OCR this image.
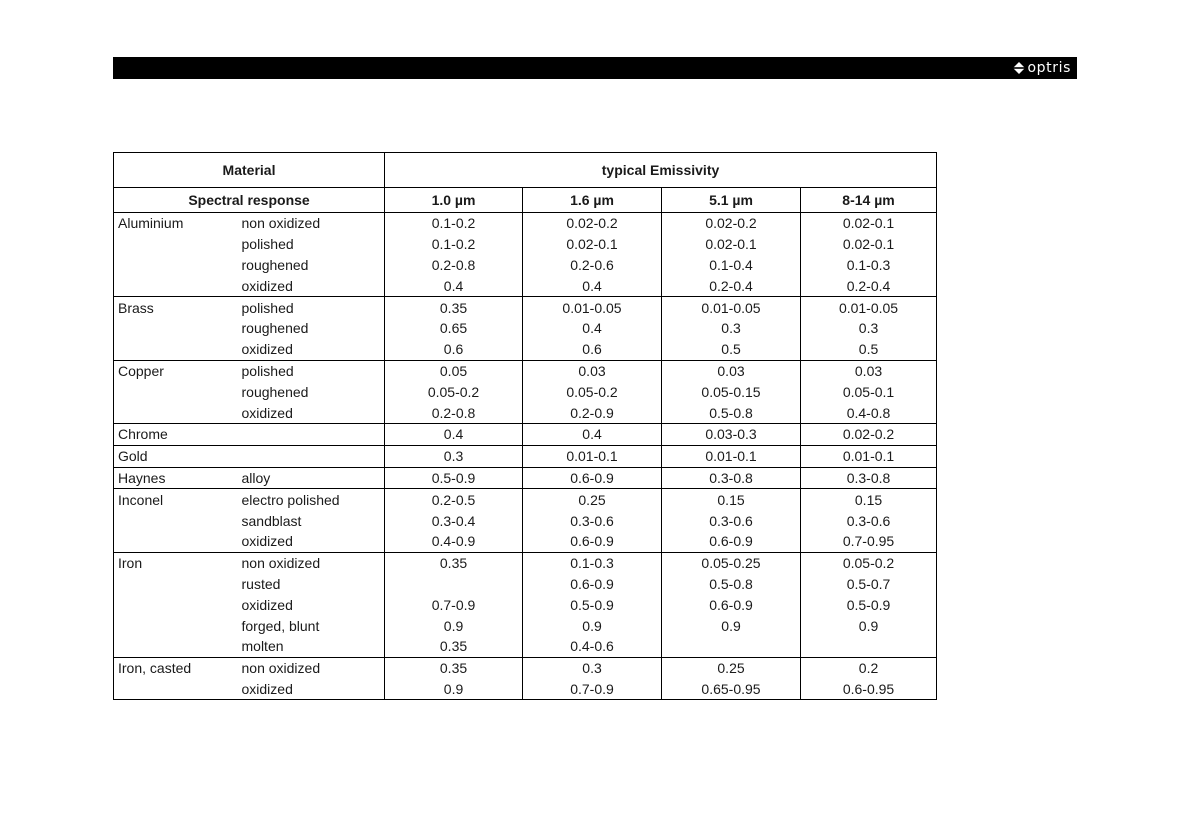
optris
Material		typical Emissivity			
Spectral response		1.0 µm	1.6 µm	5.1 µm	8-14 µm
Aluminium	non oxidized	0.1-0.2	0.02-0.2	0.02-0.2	0.02-0.1
	polished	0.1-0.2	0.02-0.1	0.02-0.1	0.02-0.1
	roughened	0.2-0.8	0.2-0.6	0.1-0.4	0.1-0.3
	oxidized	0.4	0.4	0.2-0.4	0.2-0.4
Brass	polished	0.35	0.01-0.05	0.01-0.05	0.01-0.05
	roughened	0.65	0.4	0.3	0.3
	oxidized	0.6	0.6	0.5	0.5
Copper	polished	0.05	0.03	0.03	0.03
	roughened	0.05-0.2	0.05-0.2	0.05-0.15	0.05-0.1
	oxidized	0.2-0.8	0.2-0.9	0.5-0.8	0.4-0.8
Chrome		0.4	0.4	0.03-0.3	0.02-0.2
Gold		0.3	0.01-0.1	0.01-0.1	0.01-0.1
Haynes	alloy	0.5-0.9	0.6-0.9	0.3-0.8	0.3-0.8
Inconel	electro polished	0.2-0.5	0.25	0.15	0.15
	sandblast	0.3-0.4	0.3-0.6	0.3-0.6	0.3-0.6
	oxidized	0.4-0.9	0.6-0.9	0.6-0.9	0.7-0.95
Iron	non oxidized	0.35	0.1-0.3	0.05-0.25	0.05-0.2
	rusted		0.6-0.9	0.5-0.8	0.5-0.7
	oxidized	0.7-0.9	0.5-0.9	0.6-0.9	0.5-0.9
	forged, blunt	0.9	0.9	0.9	0.9
	molten	0.35	0.4-0.6		
Iron, casted	non oxidized	0.35	0.3	0.25	0.2
	oxidized	0.9	0.7-0.9	0.65-0.95	0.6-0.95
